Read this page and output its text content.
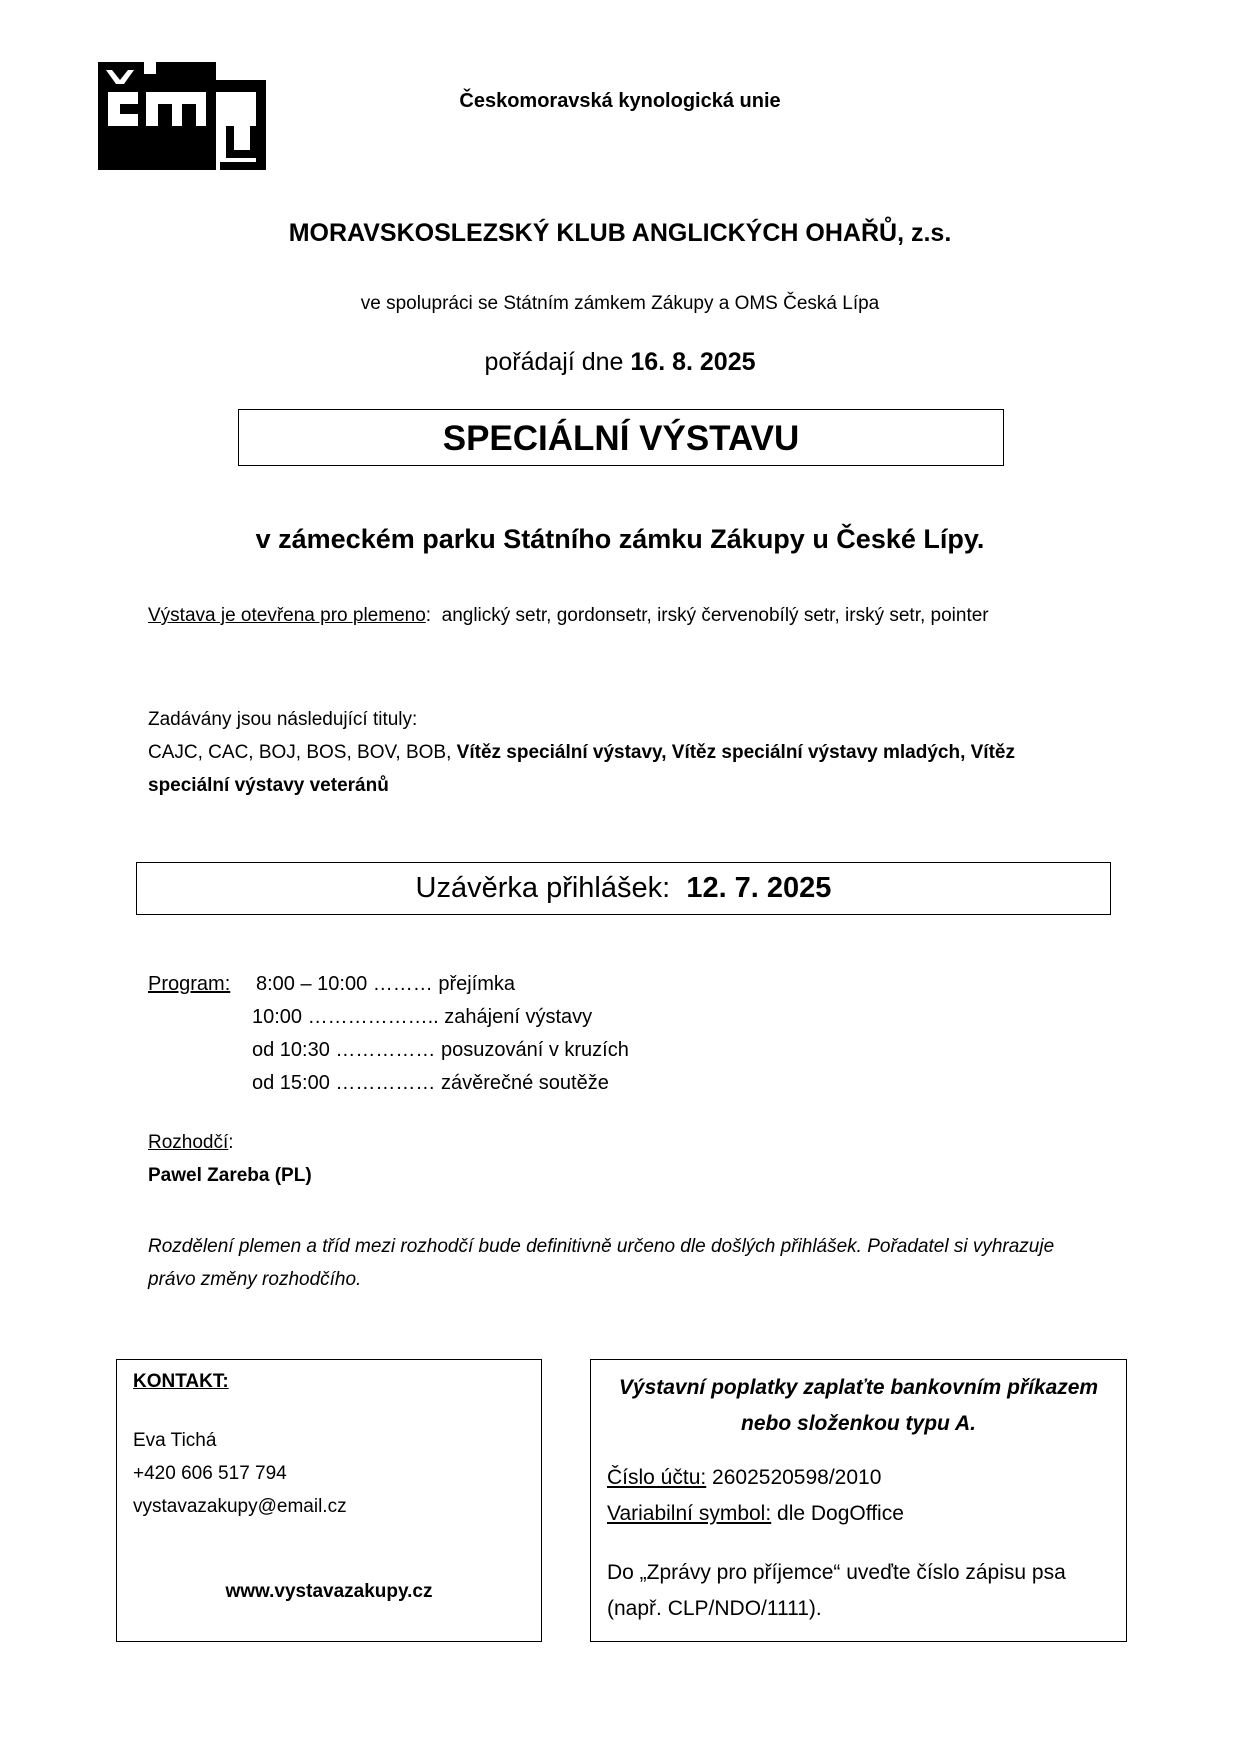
Českomoravská kynologická unie
MORAVSKOSLEZSKÝ KLUB ANGLICKÝCH OHAŘŮ, z.s.
ve spolupráci se Státním zámkem Zákupy a OMS Česká Lípa
pořádají dne 16. 8. 2025
SPECIÁLNÍ VÝSTAVU
v zámeckém parku Státního zámku Zákupy u České Lípy.
Výstava je otevřena pro plemeno: anglický setr, gordonsetr, irský červenobílý setr, irský setr, pointer
Zadávány jsou následující tituly:
CAJC, CAC, BOJ, BOS, BOV, BOB, Vítěz speciální výstavy, Vítěz speciální výstavy mladých, Vítěz speciální výstavy veteránů
Uzávěrka přihlášek: 12. 7. 2025
Program: 8:00 – 10:00 ……… přejímka
10:00 ……………….. zahájení výstavy
od 10:30 …………… posuzování v kruzích
od 15:00 …………… závěrečné soutěže
Rozhodčí:
Pawel Zareba (PL)
Rozdělení plemen a tříd mezi rozhodčí bude definitivně určeno dle došlých přihlášek. Pořadatel si vyhrazuje právo změny rozhodčího.
KONTAKT:
Eva Tichá
+420 606 517 794
vystavazakupy@email.cz
www.vystavazakupy.cz
Výstavní poplatky zaplaťte bankovním příkazem nebo složenkou typu A.
Číslo účtu: 2602520598/2010
Variabilní symbol: dle DogOffice
Do „Zprávy pro příjemce“ uveďte číslo zápisu psa (např. CLP/NDO/1111).
